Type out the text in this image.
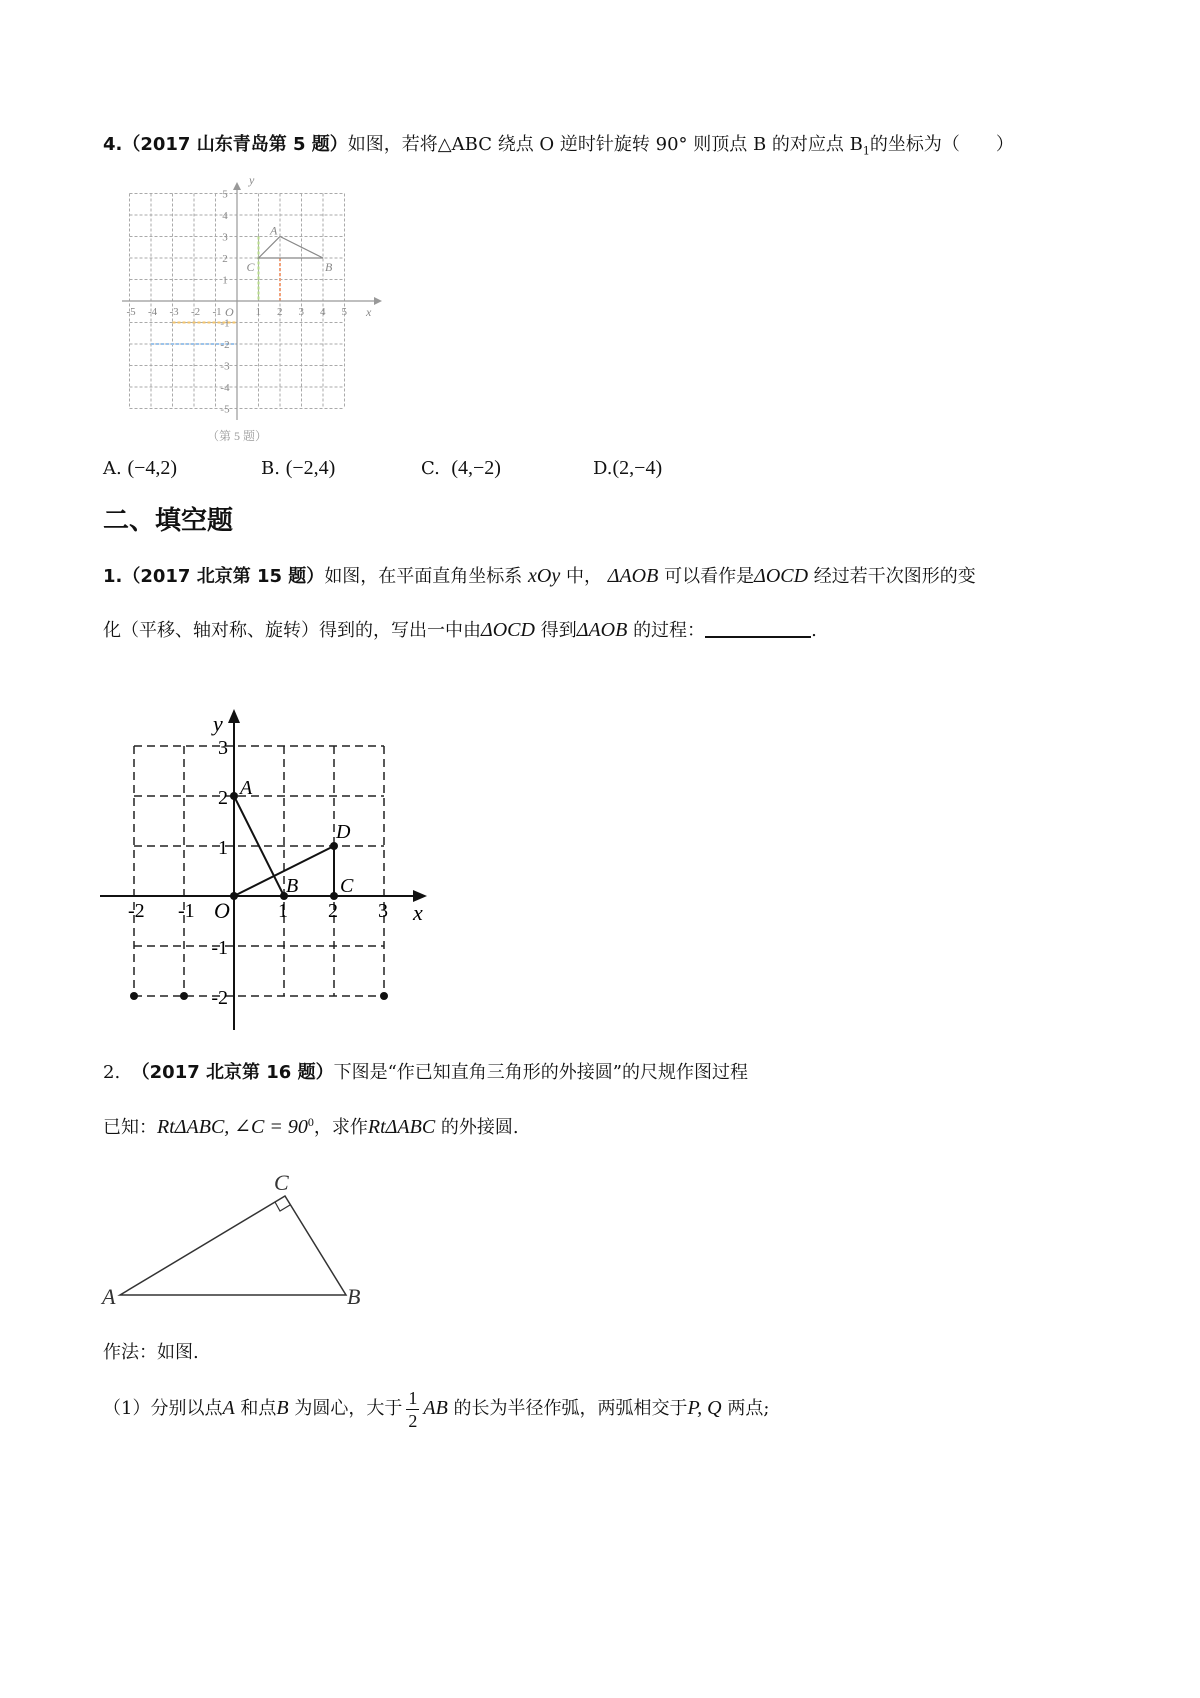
4.（2017 山东青岛第 5 题）如图，若将△ABC 绕点 O 逆时针旋转 90° 则顶点 B 的对应点 $B_1$的坐标为（　　）
-5 -4 -3 -2 -1	1 2 3 4 5
5
4
3
2
1
-1
-2
-3
-4
-5
x
y
O
A
B
C
（第 5 题）
A. (−4,2)	B. (−2,4)	C. (4,−2)	D.(2,−4)
二、填空题
1.（2017 北京第 15 题）如图，在平面直角坐标系 xOy 中， ΔAOB 可以看作是ΔOCD 经过若干次图形的变
化（平移、轴对称、旋转）得到的，写出一中由ΔOCD 得到ΔAOB 的过程：	.
-2 -1	1 2 3
3
2
1
-1
-2
x
y
O
A
B C
D
2. （2017 北京第 16 题）下图是“作已知直角三角形的外接圆”的尺规作图过程
已知：RtΔABC, ∠C = $90^0$，求作RtΔABC 的外接圆.
A	B
C
作法：如图.
（1）分别以点A 和点B 为圆心，大于 $\frac{1}{2}$ AB 的长为半径作弧，两弧相交于P, Q 两点;
